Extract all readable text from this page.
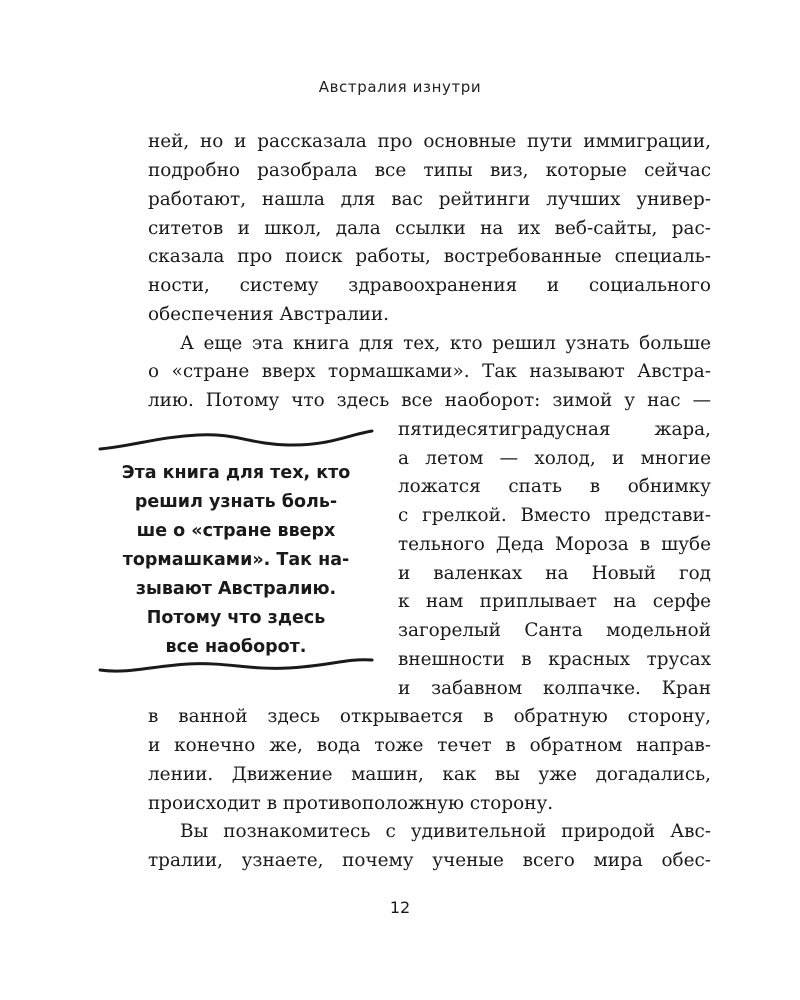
Австралия изнутри
ней, но и рассказала про основные пути иммиграции,
подробно разобрала все типы виз, которые сейчас
работают, нашла для вас рейтинги лучших универ-
ситетов и школ, дала ссылки на их веб-сайты, рас-
сказала про поиск работы, востребованные специаль-
ности, систему здравоохранения и социального
обеспечения Австралии.
А еще эта книга для тех, кто решил узнать больше
о «стране вверх тормашками». Так называют Австра-
лию. Потому что здесь все наоборот: зимой у нас —
пятидесятиградусная жара,
а летом — холод, и многие
ложатся спать в обнимку
с грелкой. Вместо представи-
тельного Деда Мороза в шубе
и валенках на Новый год
к нам приплывает на серфе
загорелый Санта модельной
внешности в красных трусах
и забавном колпачке. Кран
в ванной здесь открывается в обратную сторону,
и конечно же, вода тоже течет в обратном направ-
лении. Движение машин, как вы уже догадались,
происходит в противоположную сторону.
Вы познакомитесь с удивительной природой Авс-
тралии, узнаете, почему ученые всего мира обес-
Эта книга для тех, кто
решил узнать боль-
ше о «стране вверх
тормашками». Так на-
зывают Австралию.
Потому что здесь
все наоборот.
12
